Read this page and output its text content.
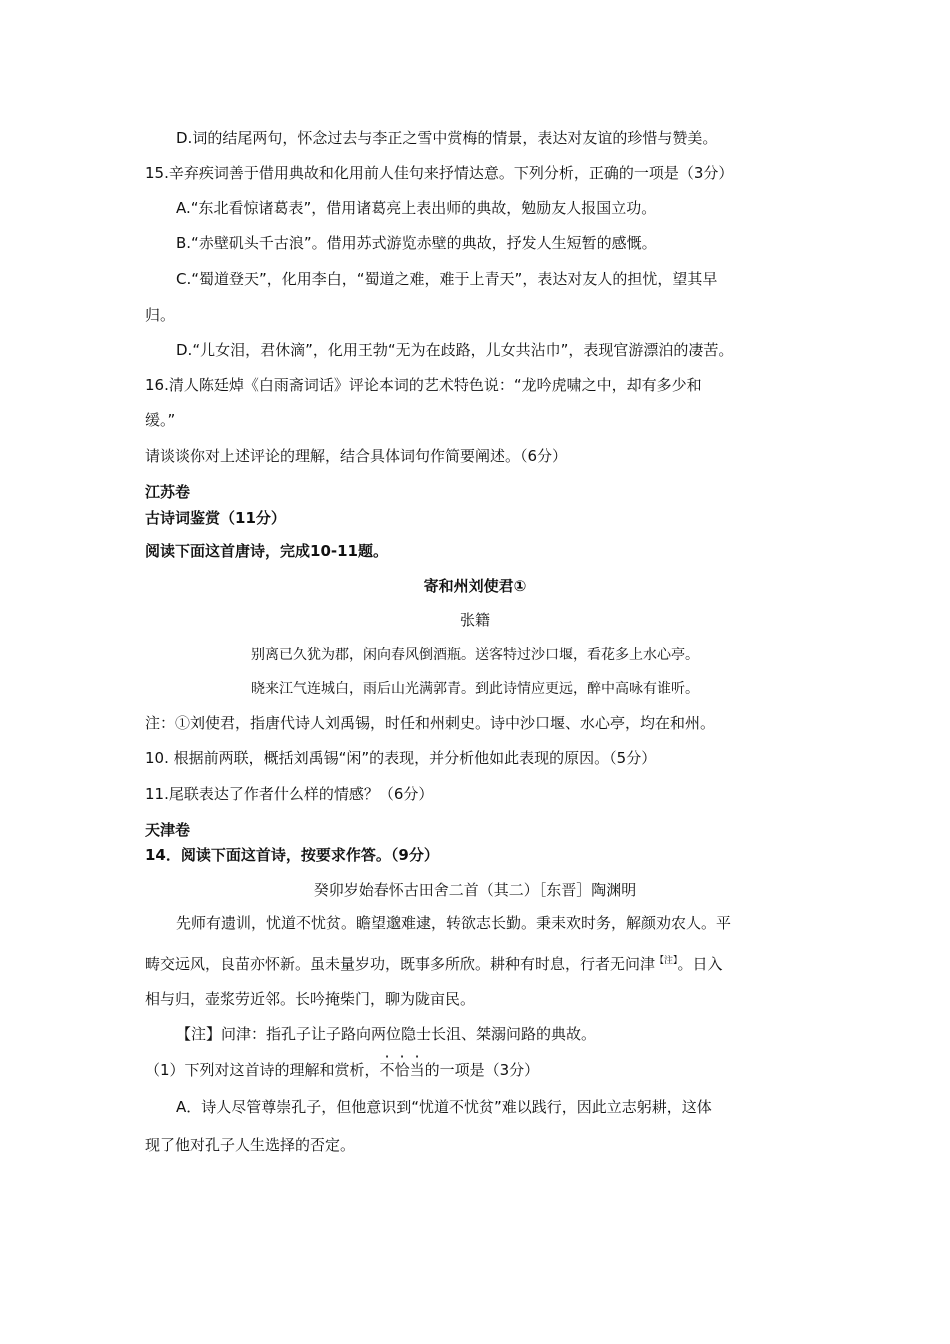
D.词的结尾两句，怀念过去与李正之雪中赏梅的情景，表达对友谊的珍惜与赞美。
15.辛弃疾词善于借用典故和化用前人佳句来抒情达意。下列分析，正确的一项是（3分）
A.“东北看惊诸葛表”，借用诸葛亮上表出师的典故，勉励友人报国立功。
B.“赤壁矶头千古浪”。借用苏式游览赤壁的典故，抒发人生短暂的感慨。
C.“蜀道登天”，化用李白，“蜀道之难，难于上青天”，表达对友人的担忧，望其早
归。
D.“儿女泪，君休滴”，化用王勃“无为在歧路，儿女共沾巾”，表现官游漂泊的凄苦。
16.清人陈廷焯《白雨斋词话》评论本词的艺术特色说：“龙吟虎啸之中，却有多少和
缓。”
请谈谈你对上述评论的理解，结合具体词句作简要阐述。（6分）
江苏卷
古诗词鉴赏（11分）
阅读下面这首唐诗，完成10-11题。
寄和州刘使君①
张籍
别离已久犹为郡，闲向春风倒酒瓶。送客特过沙口堰，看花多上水心亭。
晓来江气连城白，雨后山光满郭青。到此诗情应更远，醉中高咏有谁听。
注：①刘使君，指唐代诗人刘禹锡，时任和州刺史。诗中沙口堰、水心亭，均在和州。
10. 根据前两联，概括刘禹锡“闲”的表现，并分析他如此表现的原因。（5分）
11.尾联表达了作者什么样的情感？（6分）
天津卷
14．阅读下面这首诗，按要求作答。（9分）
癸卯岁始春怀古田舍二首（其二）［东晋］陶渊明
先师有遗训，忧道不忧贫。瞻望邈难逮，转欲志长勤。秉耒欢时务，解颜劝农人。平
畴交远风，良苗亦怀新。虽未量岁功，既事多所欣。耕种有时息，行者无问津$^{【注】}$。日入
相与归，壶浆劳近邻。长吟掩柴门，聊为陇亩民。
【注】问津：指孔子让子路向两位隐士长沮、桀溺问路的典故。
（1）下列对这首诗的理解和赏析，不恰当的一项是（3分）
A．诗人尽管尊崇孔子，但他意识到“忧道不忧贫”难以践行，因此立志躬耕，这体
现了他对孔子人生选择的否定。
